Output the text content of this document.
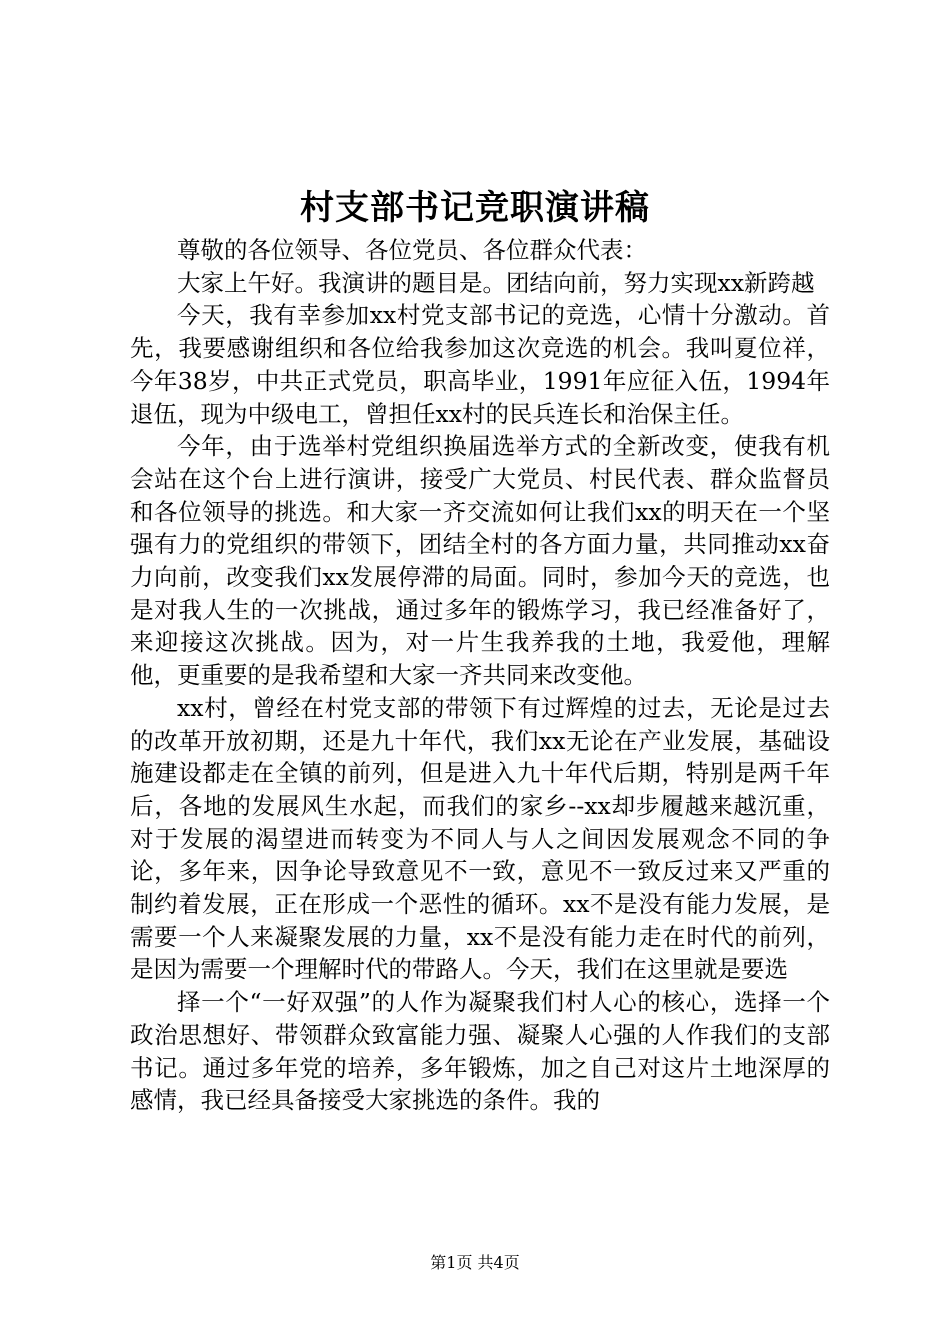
村支部书记竞职演讲稿

尊敬的各位领导、各位党员、各位群众代表：

大家上午好。我演讲的题目是。团结向前，努力实现xx新跨越

今天，我有幸参加xx村党支部书记的竞选，心情十分激动。首先，我要感谢组织和各位给我参加这次竞选的机会。我叫夏位祥，今年38岁，中共正式党员，职高毕业，1991年应征入伍，1994年退伍，现为中级电工，曾担任xx村的民兵连长和治保主任。

今年，由于选举村党组织换届选举方式的全新改变，使我有机会站在这个台上进行演讲，接受广大党员、村民代表、群众监督员和各位领导的挑选。和大家一齐交流如何让我们xx的明天在一个坚强有力的党组织的带领下，团结全村的各方面力量，共同推动xx奋力向前，改变我们xx发展停滞的局面。同时，参加今天的竞选，也是对我人生的一次挑战，通过多年的锻炼学习，我已经准备好了，来迎接这次挑战。因为，对一片生我养我的土地，我爱他，理解他，更重要的是我希望和大家一齐共同来改变他。

xx村，曾经在村党支部的带领下有过辉煌的过去，无论是过去的改革开放初期，还是九十年代，我们xx无论在产业发展，基础设施建设都走在全镇的前列，但是进入九十年代后期，特别是两千年后，各地的发展风生水起，而我们的家乡--xx却步履越来越沉重，对于发展的渴望进而转变为不同人与人之间因发展观念不同的争论，多年来，因争论导致意见不一致，意见不一致反过来又严重的制约着发展，正在形成一个恶性的循环。xx不是没有能力发展，是需要一个人来凝聚发展的力量，xx不是没有能力走在时代的前列，是因为需要一个理解时代的带路人。今天，我们在这里就是要选

择一个“一好双强”的人作为凝聚我们村人心的核心，选择一个政治思想好、带领群众致富能力强、凝聚人心强的人作我们的支部书记。通过多年党的培养，多年锻炼，加之自己对这片土地深厚的感情，我已经具备接受大家挑选的条件。我的

第1页 共4页
